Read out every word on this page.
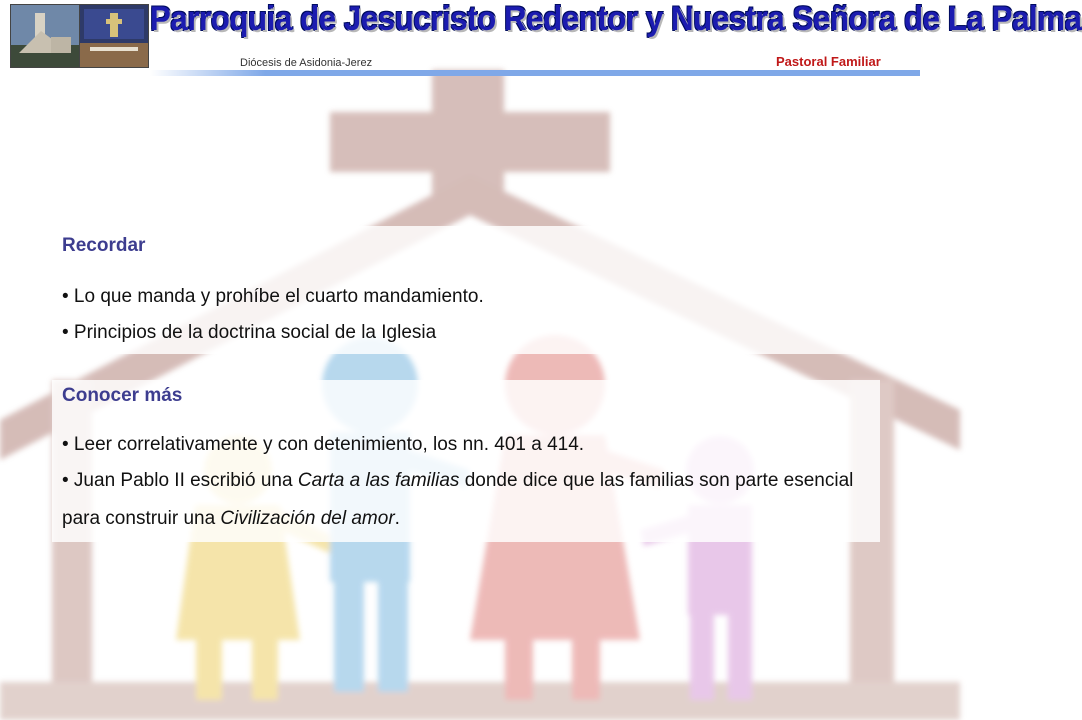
Parroquia de Jesucristo Redentor y Nuestra Señora de La Palma
Diócesis de Asidonia-Jerez	Pastoral Familiar

Recordar

• Lo que manda y prohíbe el cuarto mandamiento.

• Principios de la doctrina social de la Iglesia

Conocer más

• Leer correlativamente y con detenimiento, los nn. 401 a 414.

• Juan Pablo II escribió una Carta a las familias donde dice que las familias son parte esencial para construir una Civilización del amor.
